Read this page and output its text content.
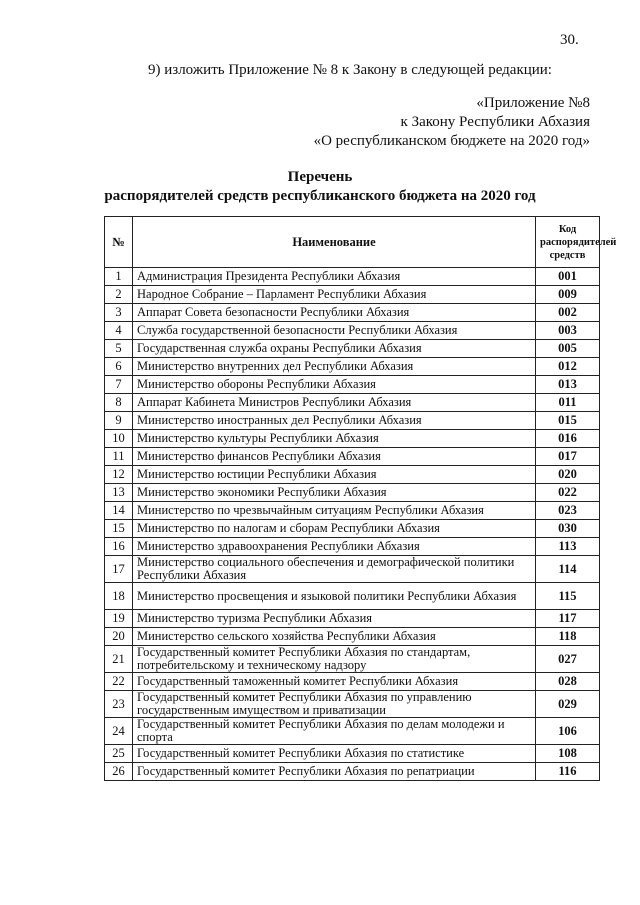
30.
9) изложить Приложение № 8 к Закону в следующей редакции:
«Приложение №8
к Закону Республики Абхазия
«О республиканском бюджете на 2020 год»
Перечень
распорядителей средств республиканского бюджета на 2020 год
№	Наименование	Код распорядителей средств
1	Администрация Президента Республики Абхазия	001
2	Народное Собрание – Парламент Республики Абхазия	009
3	Аппарат Совета безопасности Республики Абхазия	002
4	Служба государственной безопасности Республики Абхазия	003
5	Государственная служба охраны Республики Абхазия	005
6	Министерство внутренних дел Республики Абхазия	012
7	Министерство обороны Республики Абхазия	013
8	Аппарат Кабинета Министров Республики Абхазия	011
9	Министерство иностранных дел Республики Абхазия	015
10	Министерство культуры Республики Абхазия	016
11	Министерство финансов Республики Абхазия	017
12	Министерство юстиции Республики Абхазия	020
13	Министерство экономики Республики Абхазия	022
14	Министерство по чрезвычайным ситуациям Республики Абхазия	023
15	Министерство по налогам и сборам Республики Абхазия	030
16	Министерство здравоохранения Республики Абхазия	113
17	Министерство социального обеспечения и демографической политики Республики Абхазия	114
18	Министерство просвещения и языковой политики Республики Абхазия	115
19	Министерство туризма Республики Абхазия	117
20	Министерство сельского хозяйства Республики Абхазия	118
21	Государственный комитет Республики Абхазия по стандартам, потребительскому и техническому надзору	027
22	Государственный таможенный комитет Республики Абхазия	028
23	Государственный комитет Республики Абхазия по управлению государственным имуществом и приватизации	029
24	Государственный комитет Республики Абхазия по делам молодежи и спорта	106
25	Государственный комитет Республики Абхазия по статистике	108
26	Государственный комитет Республики Абхазия по репатриации	116
